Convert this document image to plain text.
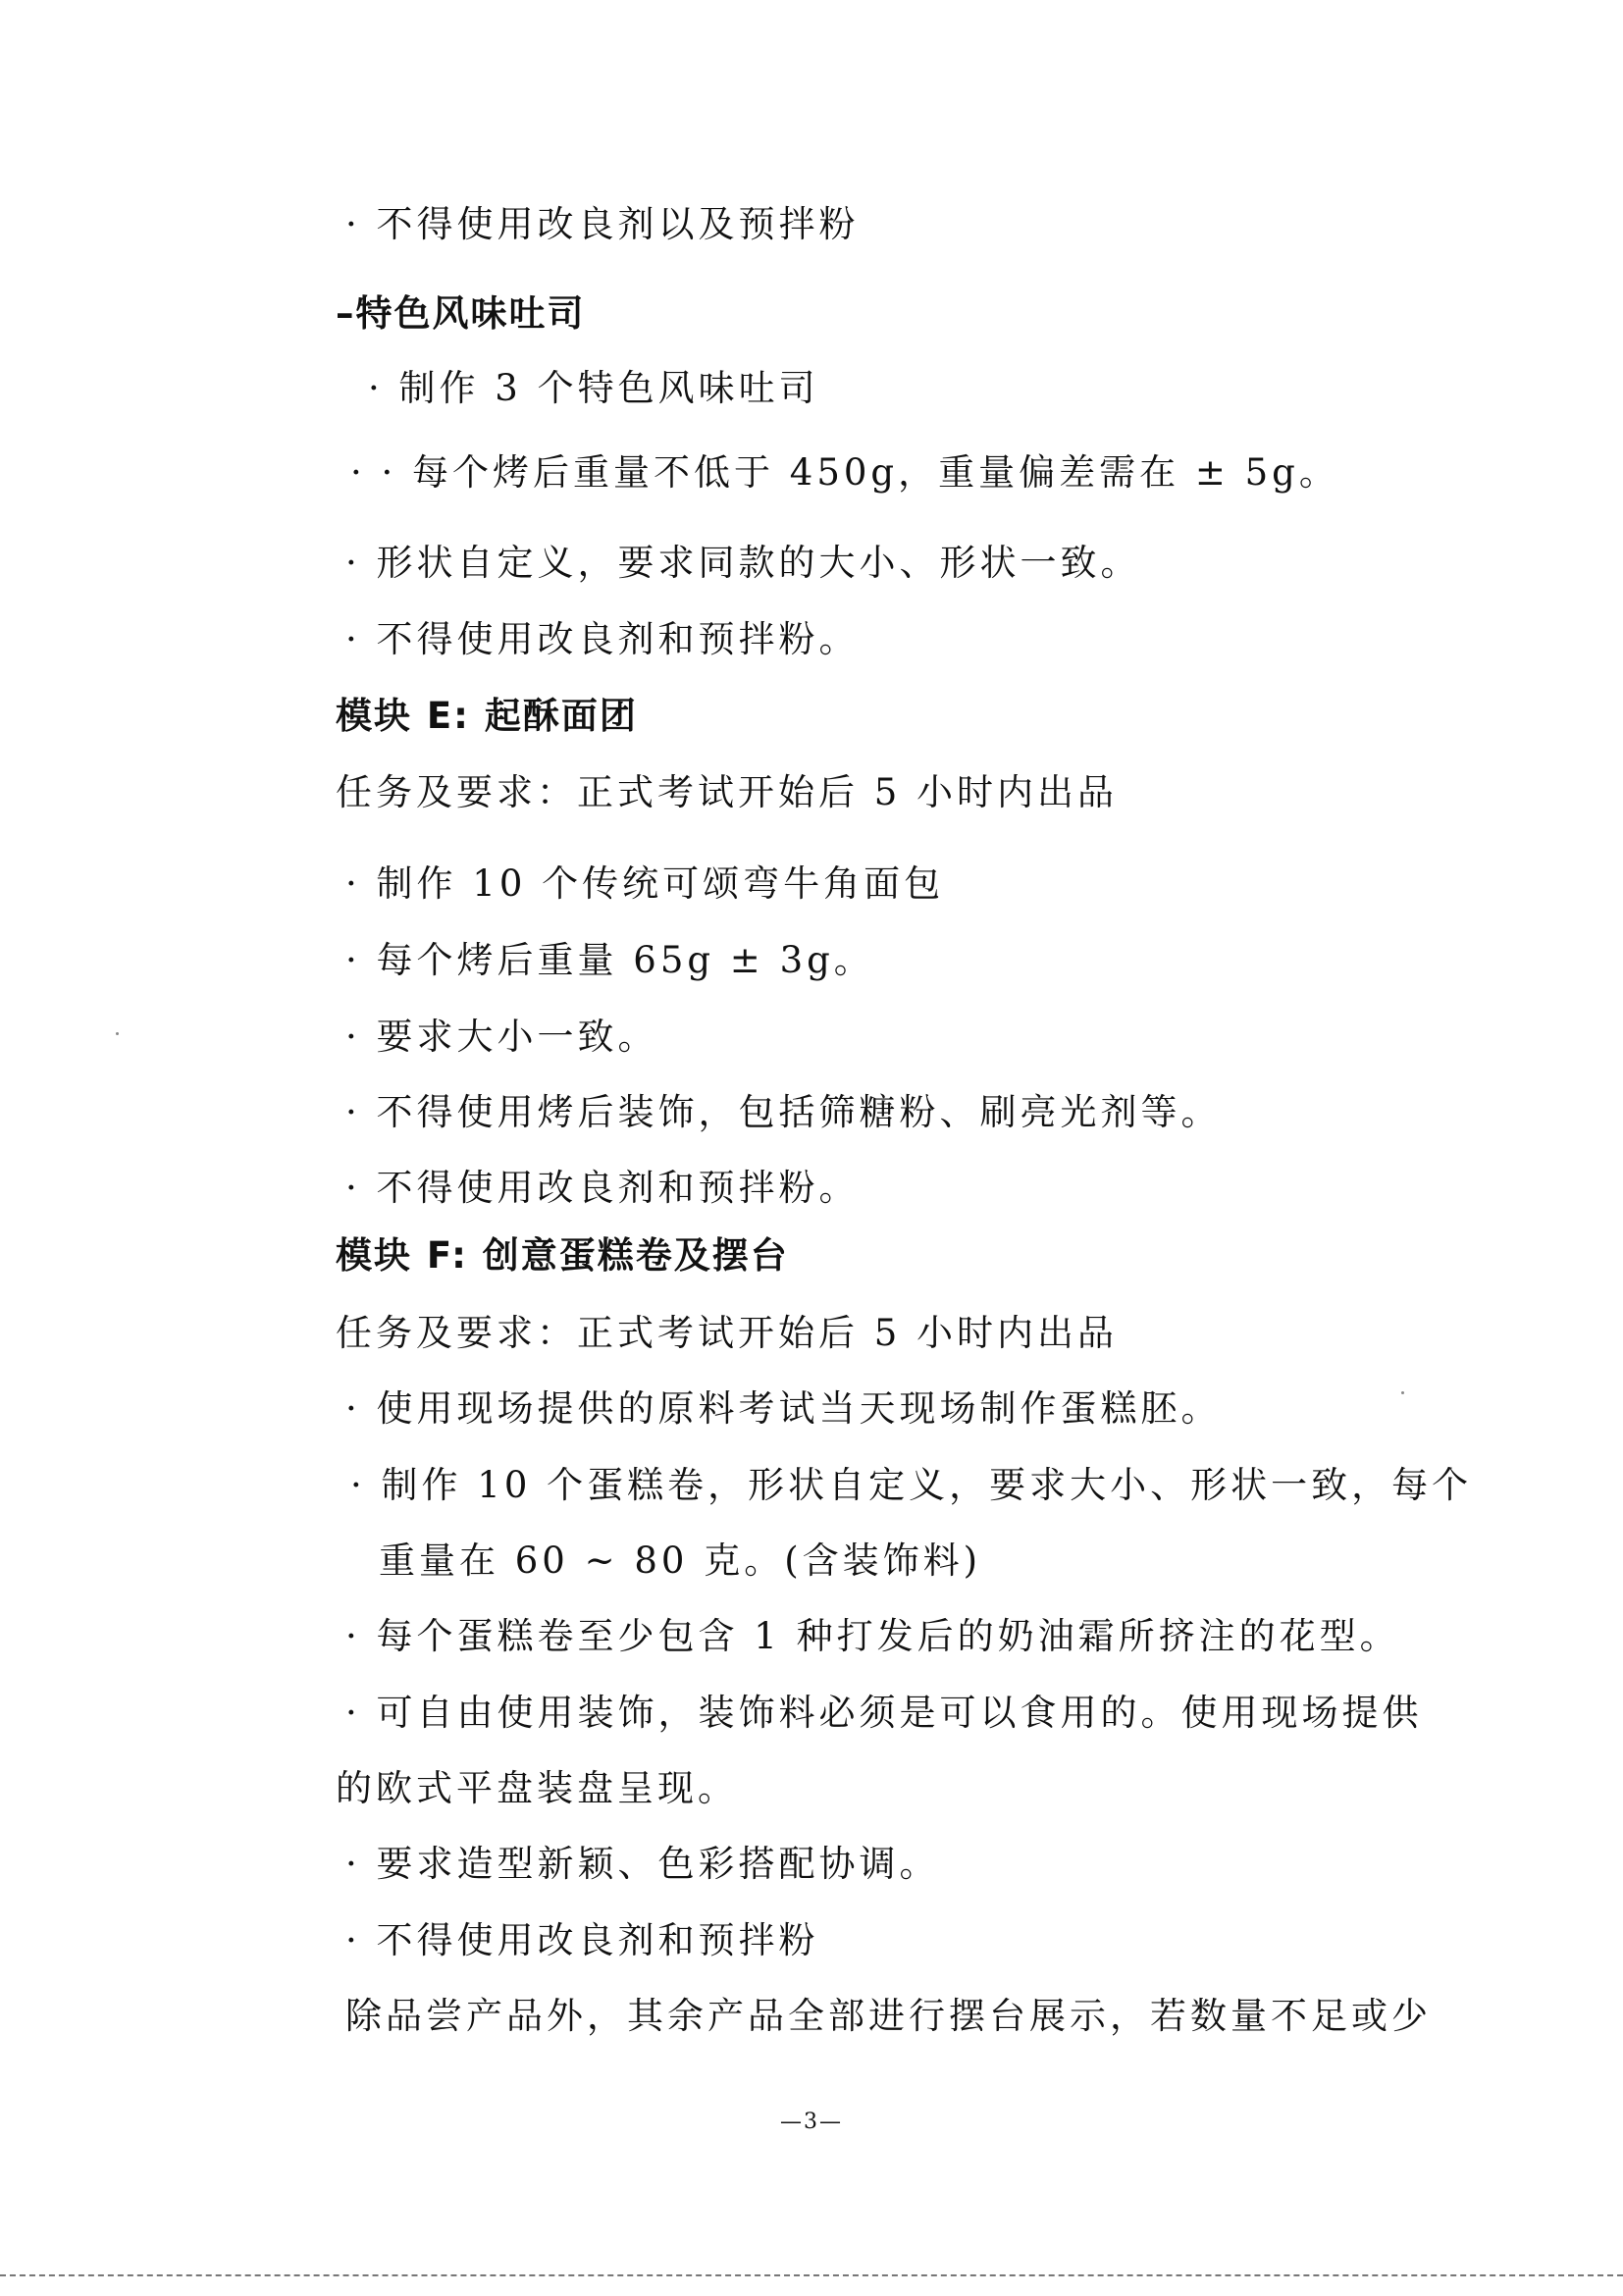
· 不得使用改良剂以及预拌粉
–特色风味吐司
· 制作 3 个特色风味吐司
· · 每个烤后重量不低于 450g，重量偏差需在 ± 5g。
· 形状自定义，要求同款的大小、形状一致。
· 不得使用改良剂和预拌粉。
模块 E: 起酥面团
任务及要求：正式考试开始后 5 小时内出品
· 制作 10 个传统可颂弯牛角面包
· 每个烤后重量 65g ± 3g。
· 要求大小一致。
· 不得使用烤后装饰，包括筛糖粉、刷亮光剂等。
· 不得使用改良剂和预拌粉。
模块 F: 创意蛋糕卷及摆台
任务及要求：正式考试开始后 5 小时内出品
· 使用现场提供的原料考试当天现场制作蛋糕胚。
· 制作 10 个蛋糕卷，形状自定义，要求大小、形状一致，每个
重量在 60 ~ 80 克。(含装饰料)
· 每个蛋糕卷至少包含 1 种打发后的奶油霜所挤注的花型。
· 可自由使用装饰，装饰料必须是可以食用的。使用现场提供
的欧式平盘装盘呈现。
· 要求造型新颖、色彩搭配协调。
· 不得使用改良剂和预拌粉
除品尝产品外，其余产品全部进行摆台展示，若数量不足或少
—3—
